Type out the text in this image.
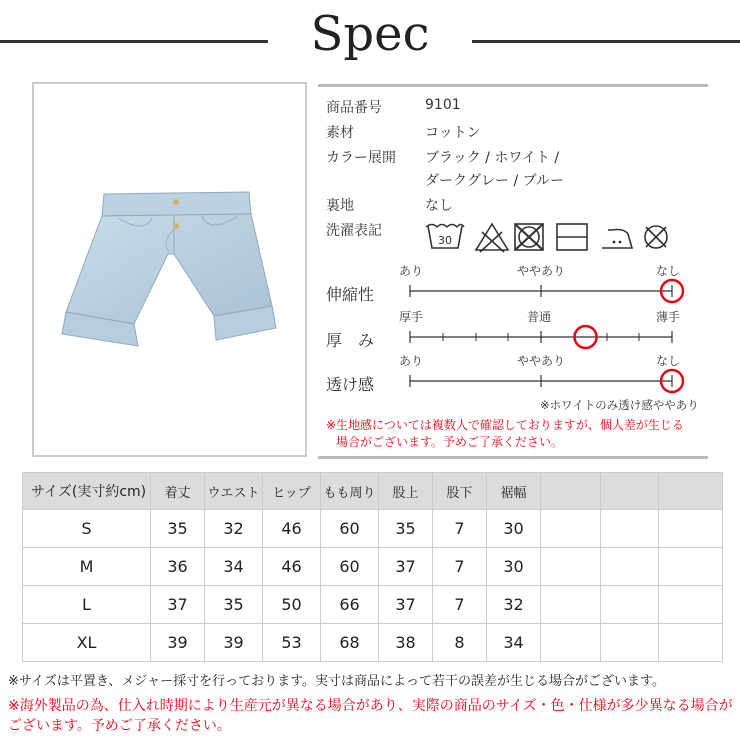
Spec
商品番号	9101
素材	コットン
カラー展開 ブラック / ホワイト /
ダークグレー / ブルー
裏地	なし
洗濯表記
30
あり	ややあり	なし
伸縮性
厚手	普通	薄手
厚　み
あり	ややあり	なし
透け感
※ホワイトのみ透け感ややあり
※生地感については複数人で確認しておりますが、個人差が生じる
場合がございます。予めご了承ください。
サイズ(実寸約cm)	着丈	ウエスト	ヒップ	もも周り	股上	股下	裾幅			
S	35	32	46	60	35	7	30			
M	36	34	46	60	37	7	30			
L	37	35	50	66	37	7	32			
XL	39	39	53	68	38	8	34			
※サイズは平置き、メジャー採寸を行っております。実寸は商品によって若干の誤差が生じる場合がございます。
※海外製品の為、仕入れ時期により生産元が異なる場合があり、実際の商品のサイズ・色・仕様が多少異なる場合がございます。予めご了承ください。
